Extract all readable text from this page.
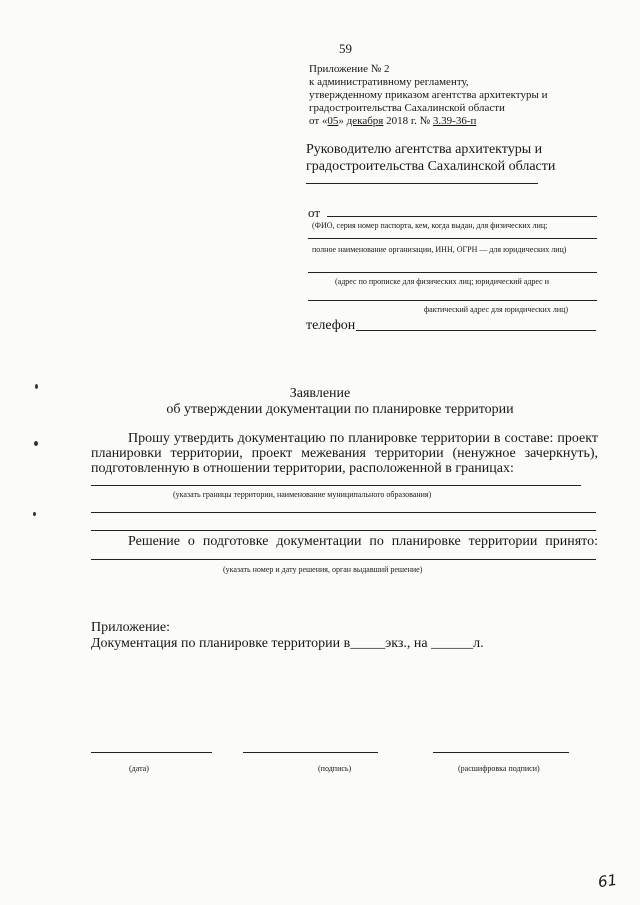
59
Приложение № 2
к административному регламенту,
утвержденному приказом агентства архитектуры и
градостроительства Сахалинской области
от «05» декабря 2018 г. № 3.39-36-п
Руководителю агентства архитектуры и
градостроительства Сахалинской области
от
(ФИО, серия номер паспорта, кем, когда выдан, для физических лиц;
полное наименование организации, ИНН, ОГРН — для юридических лиц)
(адрес по прописке для физических лиц; юридический адрес и
фактический адрес для юридических лиц)
телефон
Заявление
об утверждении документации по планировке территории
Прошу утвердить документацию по планировке территории в составе: проект
планировки территории, проект межевания территории (ненужное зачеркнуть),
подготовленную в отношении территории, расположенной в границах:
(указать границы территории, наименование муниципального образования)
Решение о подготовке документации по планировке территории принято:
(указать номер и дату решения, орган выдавший решение)
Приложение:
Документация по планировке территории в_____экз., на ______л.
(дата)	(подпись)	(расшифровка подписи)
61
